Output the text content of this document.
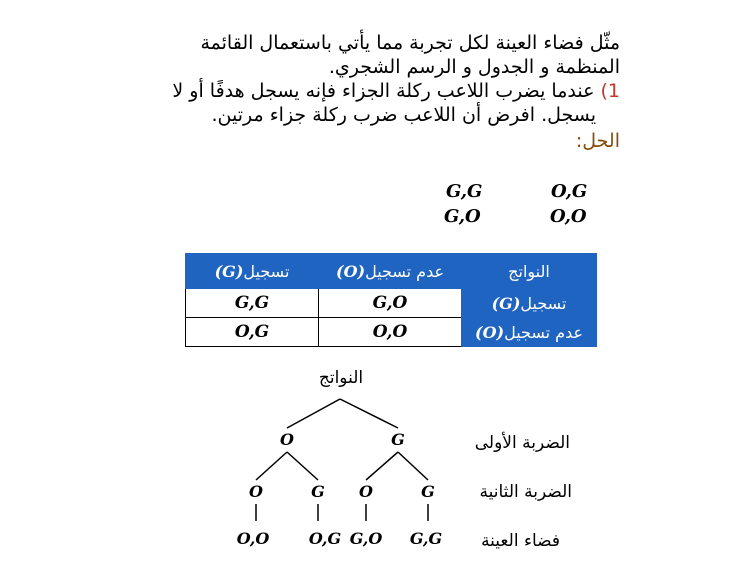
مثّل فضاء العينة لكل تجربة مما يأتي باستعمال القائمة
المنظمة و الجدول و الرسم الشجري.
1) عندما يضرب اللاعب ركلة الجزاء فإنه يسجل هدفًا أو لا
يسجل. افرض أن اللاعب ضرب ركلة جزاء مرتين.
الحل:
G,G	O,G
G,O	O,O
النواتج	عدم تسجيل(O)	تسجيل(G)
تسجيل(G)	G,O	G,G
عدم تسجيل(O)	O,O	O,G
النواتج
O	G
O	G O	G
O,O O,G G,O G,G
الضربة الأولى
الضربة الثانية
فضاء العينة
